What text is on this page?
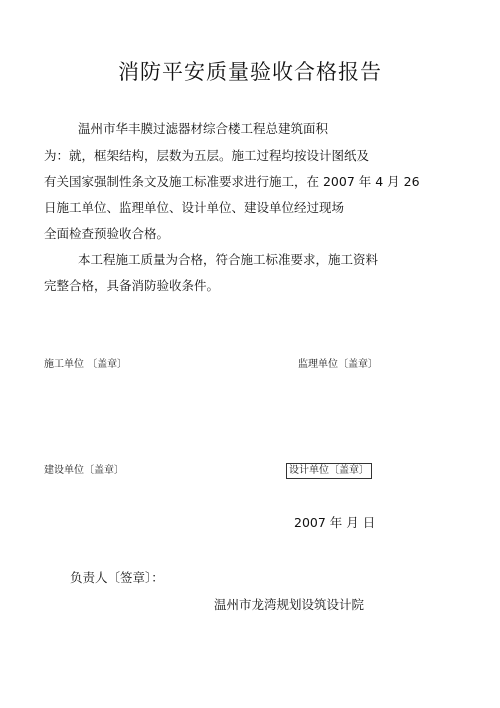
消防平安质量验收合格报告
温州市华丰膜过滤器材综合楼工程总建筑面积
为：就，框架结构，层数为五层。施工过程均按设计图纸及
有关国家强制性条文及施工标准要求进行施工，在 2007 年 4 月 26
日施工单位、监理单位、设计单位、建设单位经过现场
全面检查预验收合格。
本工程施工质量为合格，符合施工标准要求，施工资料
完整合格，具备消防验收条件。
施工单位 〔盖章〕	监理单位〔盖章〕
建设单位〔盖章〕	设计单位〔盖章〕
2007 年 月 日
负责人〔签章〕：
温州市龙湾规划设筑设计院
